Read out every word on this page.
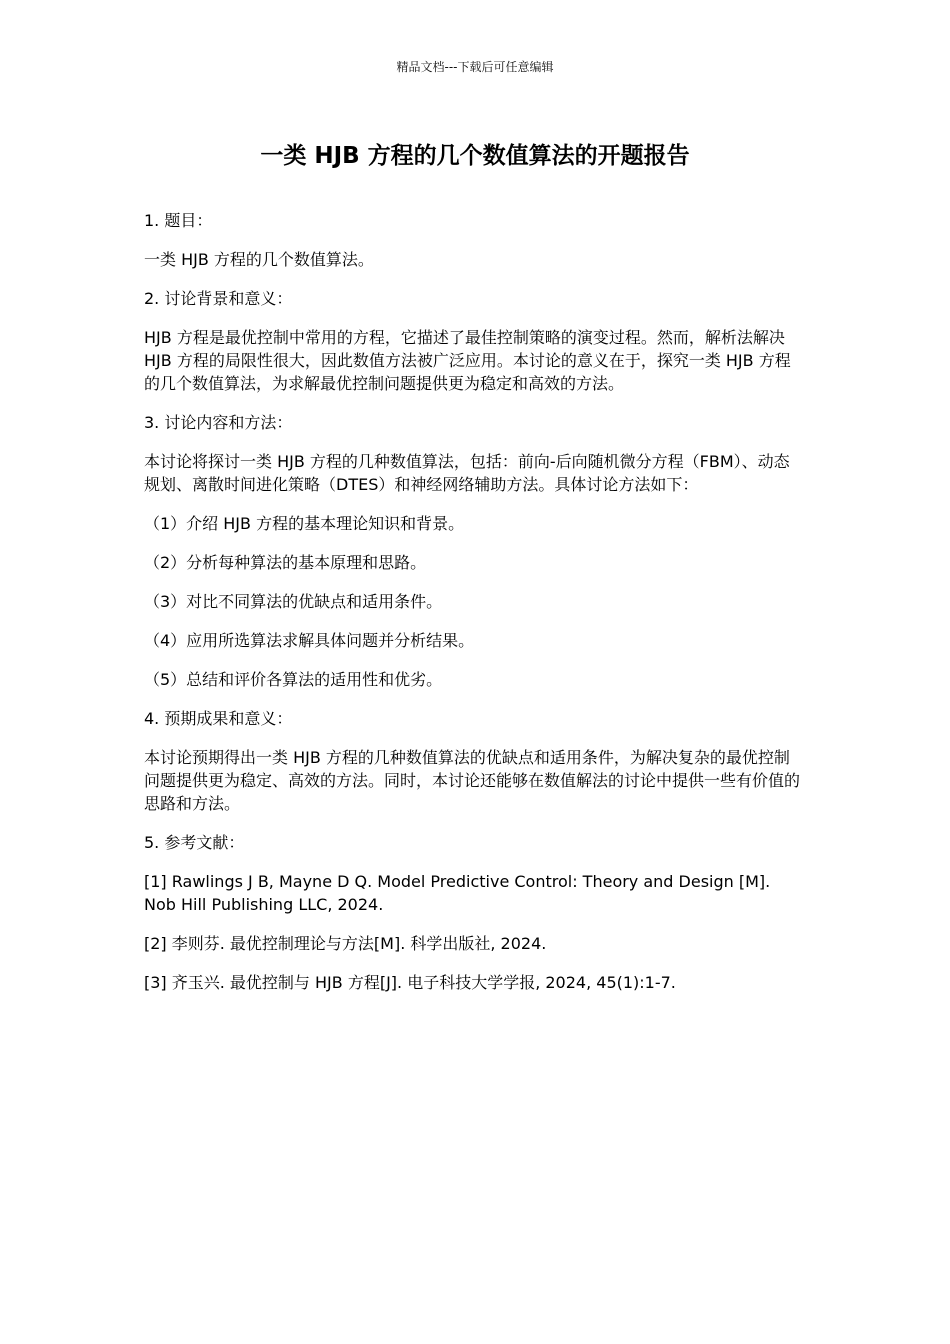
精品文档---下载后可任意编辑
一类 HJB 方程的几个数值算法的开题报告

1. 题目：

一类 HJB 方程的几个数值算法。

2. 讨论背景和意义：

HJB 方程是最优控制中常用的方程，它描述了最佳控制策略的演变过程。然而，解析法解决 HJB 方程的局限性很大，因此数值方法被广泛应用。本讨论的意义在于，探究一类 HJB 方程的几个数值算法，为求解最优控制问题提供更为稳定和高效的方法。

3. 讨论内容和方法：

本讨论将探讨一类 HJB 方程的几种数值算法，包括：前向-后向随机微分方程（FBM）、动态规划、离散时间进化策略（DTES）和神经网络辅助方法。具体讨论方法如下：

（1）介绍 HJB 方程的基本理论知识和背景。

（2）分析每种算法的基本原理和思路。

（3）对比不同算法的优缺点和适用条件。

（4）应用所选算法求解具体问题并分析结果。

（5）总结和评价各算法的适用性和优劣。

4. 预期成果和意义：

本讨论预期得出一类 HJB 方程的几种数值算法的优缺点和适用条件，为解决复杂的最优控制问题提供更为稳定、高效的方法。同时，本讨论还能够在数值解法的讨论中提供一些有价值的思路和方法。

5. 参考文献：

[1] Rawlings J B, Mayne D Q. Model Predictive Control: Theory and Design [M]. Nob Hill Publishing LLC, 2024.

[2] 李则芬. 最优控制理论与方法[M]. 科学出版社, 2024.

[3] 齐玉兴. 最优控制与 HJB 方程[J]. 电子科技大学学报, 2024, 45(1):1-7.
